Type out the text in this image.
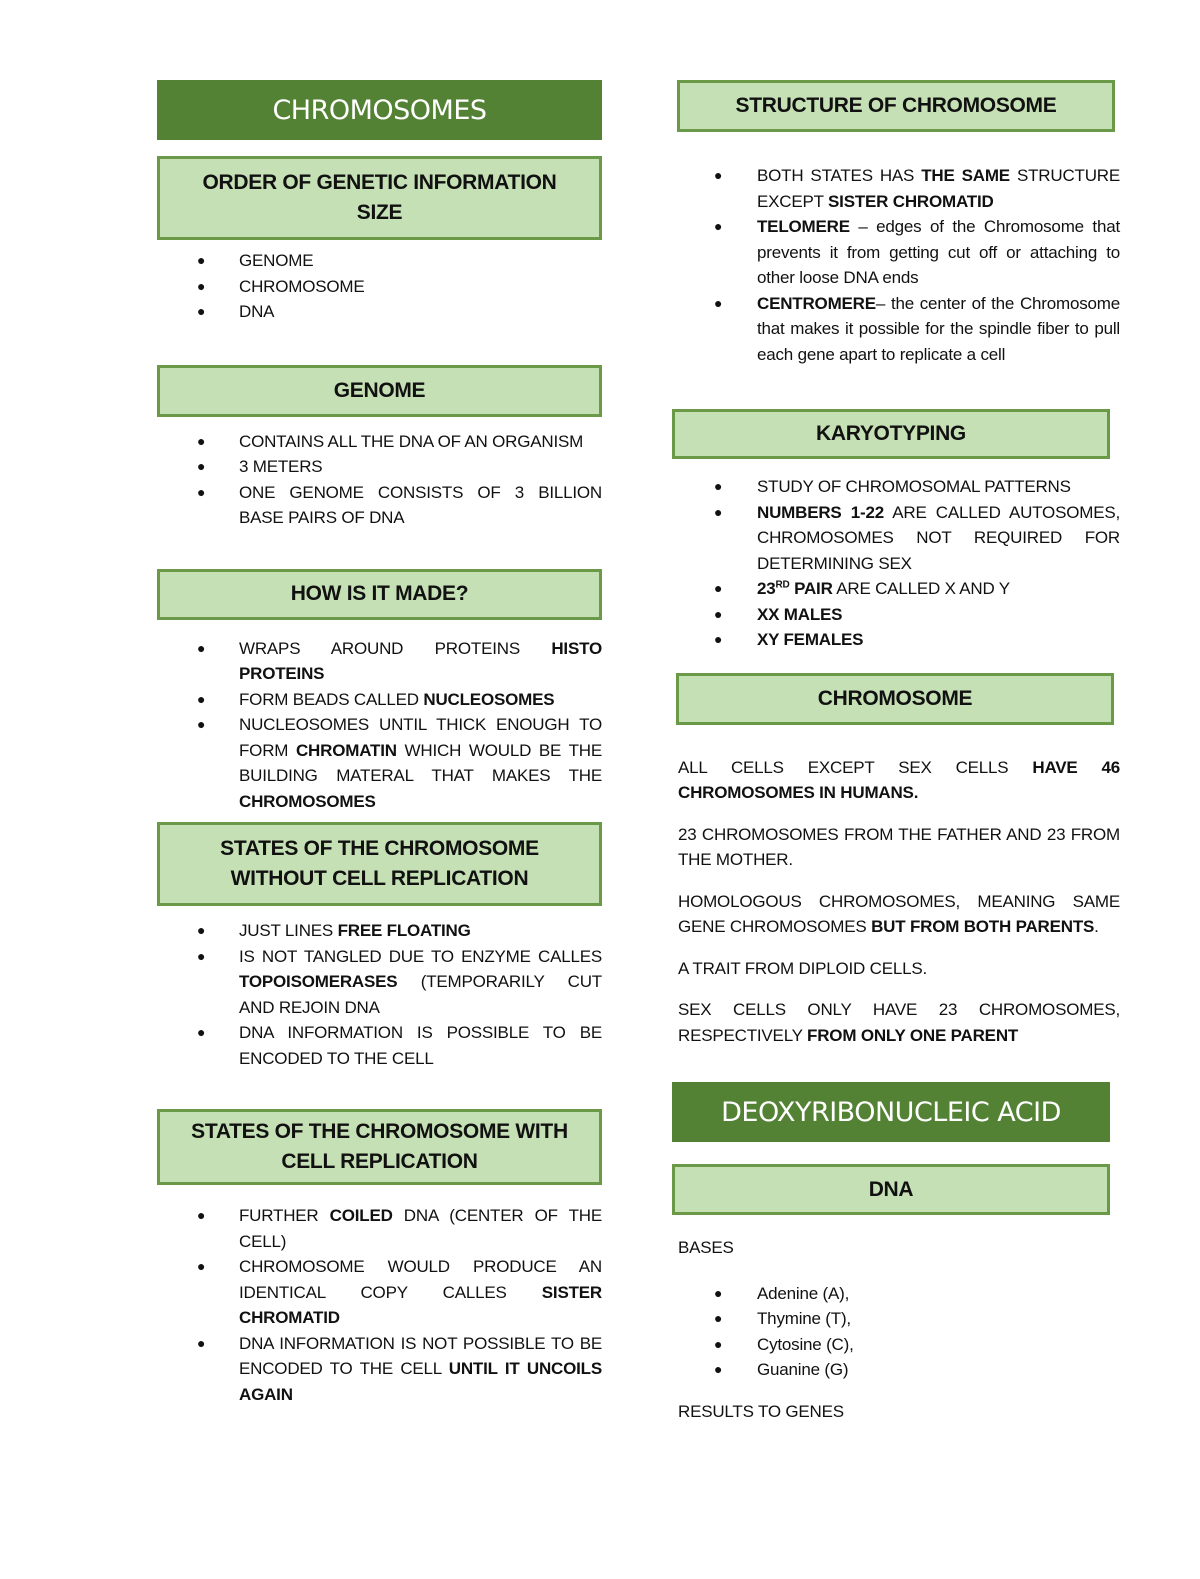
CHROMOSOMES
ORDER OF GENETIC INFORMATION SIZE
● GENOME
● CHROMOSOME
● DNA
GENOME
● CONTAINS ALL THE DNA OF AN ORGANISM
● 3 METERS
● ONE GENOME CONSISTS OF 3 BILLION BASE PAIRS OF DNA
HOW IS IT MADE?
● WRAPS AROUND PROTEINS HISTO PROTEINS
● FORM BEADS CALLED NUCLEOSOMES
● NUCLEOSOMES UNTIL THICK ENOUGH TO FORM CHROMATIN WHICH WOULD BE THE BUILDING MATERAL THAT MAKES THE CHROMOSOMES
STATES OF THE CHROMOSOME
WITHOUT CELL REPLICATION
● JUST LINES FREE FLOATING
● IS NOT TANGLED DUE TO ENZYME CALLES TOPOISOMERASES (TEMPORARILY CUT AND REJOIN DNA
● DNA INFORMATION IS POSSIBLE TO BE ENCODED TO THE CELL
STATES OF THE CHROMOSOME WITH
CELL REPLICATION
● FURTHER COILED DNA (CENTER OF THE CELL)
● CHROMOSOME WOULD PRODUCE AN IDENTICAL COPY CALLES SISTER CHROMATID
● DNA INFORMATION IS NOT POSSIBLE TO BE ENCODED TO THE CELL UNTIL IT UNCOILS AGAIN
STRUCTURE OF CHROMOSOME
● BOTH STATES HAS THE SAME STRUCTURE EXCEPT SISTER CHROMATID
● TELOMERE – edges of the Chromosome that prevents it from getting cut off or attaching to other loose DNA ends
● CENTROMERE– the center of the Chromosome that makes it possible for the spindle fiber to pull each gene apart to replicate a cell
KARYOTYPING
● STUDY OF CHROMOSOMAL PATTERNS
● NUMBERS 1-22 ARE CALLED AUTOSOMES, CHROMOSOMES NOT REQUIRED FOR DETERMINING SEX
● 23RD PAIR ARE CALLED X AND Y
● XX MALES
● XY FEMALES
CHROMOSOME

ALL CELLS EXCEPT SEX CELLS HAVE 46 CHROMOSOMES IN HUMANS.

23 CHROMOSOMES FROM THE FATHER AND 23 FROM THE MOTHER.

HOMOLOGOUS CHROMOSOMES, MEANING SAME GENE CHROMOSOMES BUT FROM BOTH PARENTS.

A TRAIT FROM DIPLOID CELLS.

SEX CELLS ONLY HAVE 23 CHROMOSOMES, RESPECTIVELY FROM ONLY ONE PARENT

DEOXYRIBONUCLEIC ACID
DNA

BASES

● Adenine (A),
● Thymine (T),
● Cytosine (C),
● Guanine (G)

RESULTS TO GENES
